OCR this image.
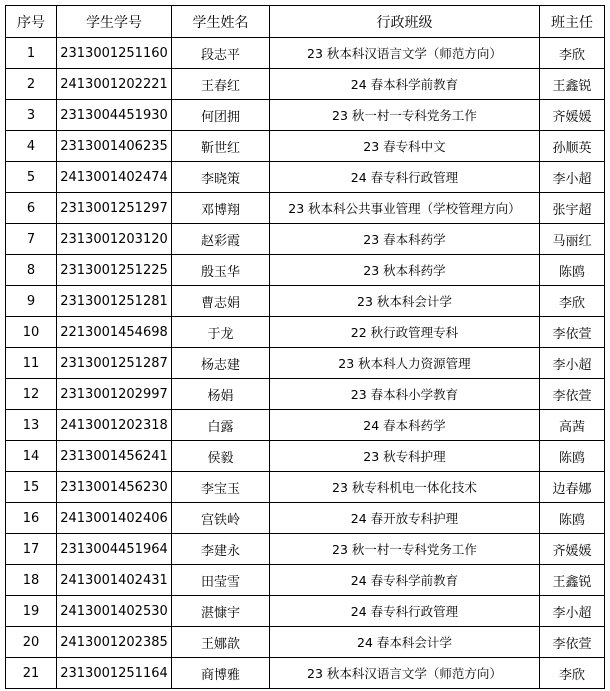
序号	学生学号	学生姓名	行政班级	班主任
1	2313001251160	段志平	23 秋本科汉语言文学（师范方向）	李欣
2	2413001202221	王春红	24 春本科学前教育	王鑫锐
3	2313004451930	何团拥	23 秋一村一专科党务工作	齐媛媛
4	2313001406235	靳世红	23 春专科中文	孙顺英
5	2413001402474	李晓策	24 春专科行政管理	李小超
6	2313001251297	邓博翔	23 秋本科公共事业管理（学校管理方向）	张宇超
7	2313001203120	赵彩霞	23 春本科药学	马丽红
8	2313001251225	殷玉华	23 秋本科药学	陈鸥
9	2313001251281	曹志娟	23 秋本科会计学	李欣
10	2213001454698	于龙	22 秋行政管理专科	李依萱
11	2313001251287	杨志建	23 秋本科人力资源管理	李小超
12	2313001202997	杨娟	23 春本科小学教育	李依萱
13	2413001202318	白露	24 春本科药学	高茜
14	2313001456241	侯毅	23 秋专科护理	陈鸥
15	2313001456230	李宝玉	23 秋专科机电一体化技术	边春娜
16	2413001402406	宫铁岭	24 春开放专科护理	陈鸥
17	2313004451964	李建永	23 秋一村一专科党务工作	齐媛媛
18	2413001402431	田莹雪	24 春专科学前教育	王鑫锐
19	2413001402530	湛慷宇	24 春专科行政管理	李小超
20	2413001202385	王娜歆	24 春本科会计学	李依萱
21	2313001251164	商博雅	23 秋本科汉语言文学（师范方向）	李欣
